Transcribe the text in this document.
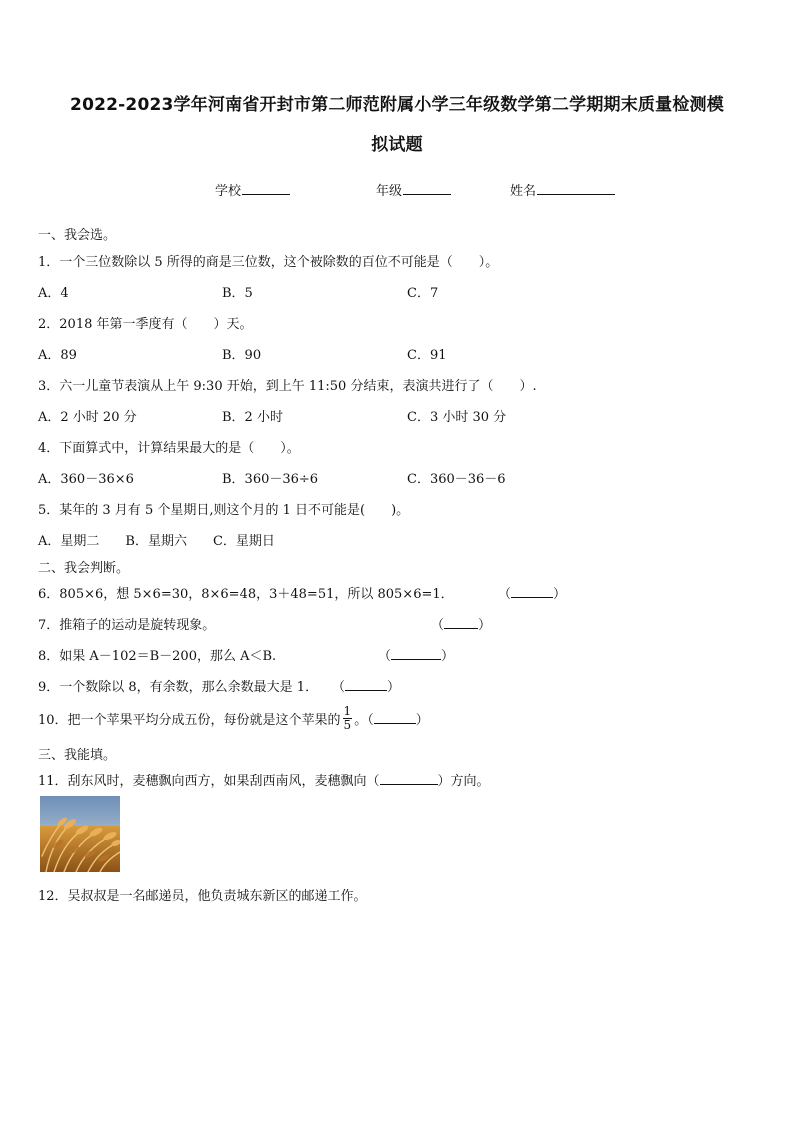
2022-2023学年河南省开封市第二师范附属小学三年级数学第二学期期末质量检测模
拟试题
学校	年级	姓名
一、我会选。
1．一个三位数除以 5 所得的商是三位数，这个被除数的百位不可能是（　　）。
A．4	B．5	C．7
2．2018 年第一季度有（　　）天。
A．89	B．90	C．91
3．六一儿童节表演从上午 9:30 开始，到上午 11:50 分结束，表演共进行了（　　）.
A．2 小时 20 分	B．2 小时	C．3 小时 30 分
4．下面算式中，计算结果最大的是（　　）。
A．360－36×6	B．360－36÷6	C．360－36－6
5．某年的 3 月有 5 个星期日,则这个月的 1 日不可能是(　　)。
A．星期二　　B．星期六　　C．星期日
二、我会判断。
6．805×6，想 5×6=30，8×6=48，3＋48=51，所以 805×6=1．	（	）
7．推箱子的运动是旋转现象。	（	）
8．如果 A－102＝B－200，那么 A＜B.	（	）
9．一个数除以 8，有余数，那么余数最大是 1． （	）
10．把一个苹果平均分成五份，每份就是这个苹果的 $\frac{1}{5}$ 。（	）
三、我能填。
11．刮东风时，麦穗飘向西方，如果刮西南风，麦穗飘向（	）方向。
12．吴叔叔是一名邮递员，他负责城东新区的邮递工作。
